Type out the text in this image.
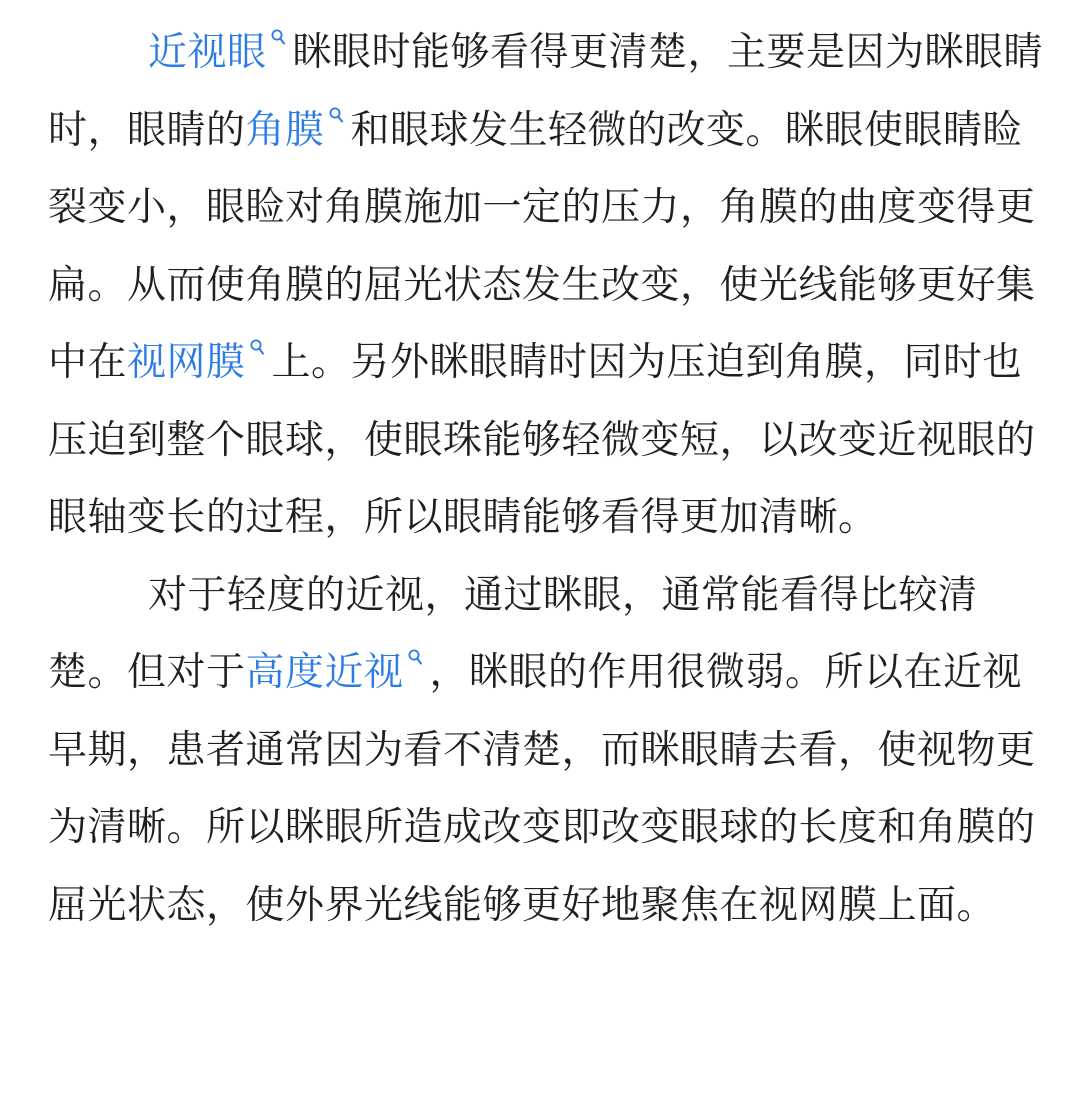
近视眼 眯眼时能够看得更清楚，主要是因为眯眼睛时，眼睛的角膜 和眼球发生轻微的改变。眯眼使眼睛睑裂变小，眼睑对角膜施加一定的压力，角膜的曲度变得更扁。从而使角膜的屈光状态发生改变，使光线能够更好集中在视网膜 上。另外眯眼睛时因为压迫到角膜，同时也压迫到整个眼球，使眼珠能够轻微变短，以改变近视眼的眼轴变长的过程，所以眼睛能够看得更加清晰。

对于轻度的近视，通过眯眼，通常能看得比较清楚。但对于高度近视 ，眯眼的作用很微弱。所以在近视早期，患者通常因为看不清楚，而眯眼睛去看，使视物更为清晰。所以眯眼所造成改变即改变眼球的长度和角膜的屈光状态，使外界光线能够更好地聚焦在视网膜上面。
